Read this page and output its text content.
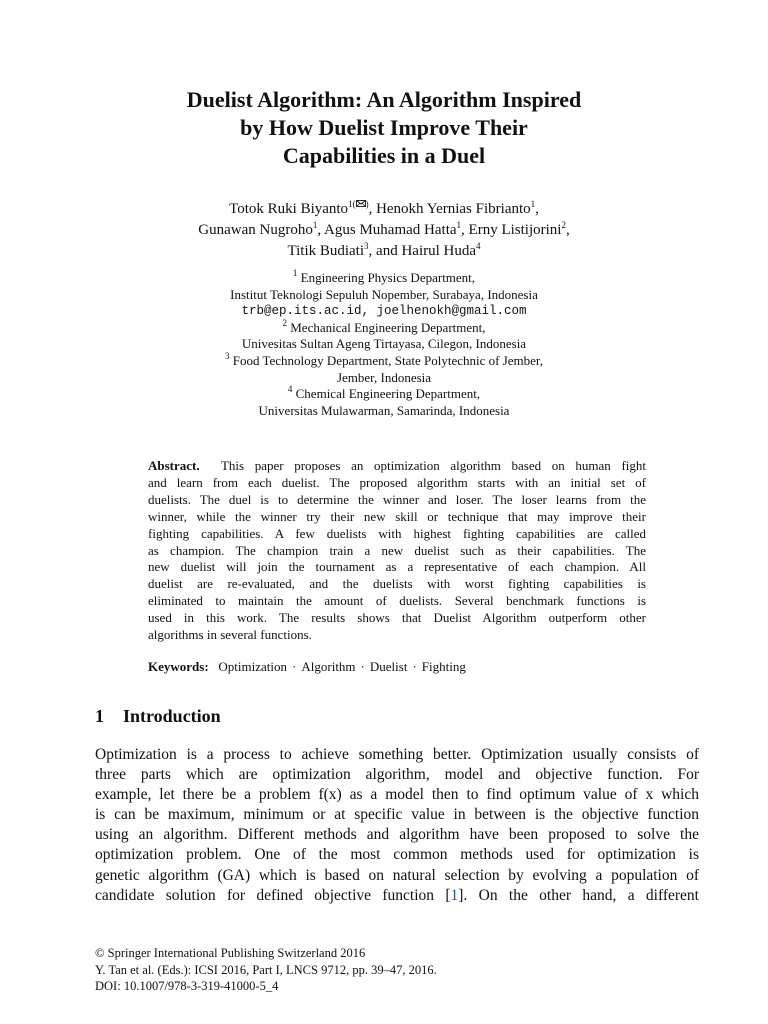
Duelist Algorithm: An Algorithm Inspired
by How Duelist Improve Their
Capabilities in a Duel
Totok Ruki Biyanto$^{1( )}$, Henokh Yernias Fibrianto$^1$,
Gunawan Nugroho$^1$, Agus Muhamad Hatta$^1$, Erny Listijorini$^2$,
Titik Budiati$^3$, and Hairul Huda$^4$
$^1$ Engineering Physics Department,
Institut Teknologi Sepuluh Nopember, Surabaya, Indonesia
trb@ep.its.ac.id, joelhenokh@gmail.com
$^2$ Mechanical Engineering Department,
Univesitas Sultan Ageng Tirtayasa, Cilegon, Indonesia
$^3$ Food Technology Department, State Polytechnic of Jember,
Jember, Indonesia
$^4$ Chemical Engineering Department,
Universitas Mulawarman, Samarinda, Indonesia
Abstract. This paper proposes an optimization algorithm based on human fight
and learn from each duelist. The proposed algorithm starts with an initial set of
duelists. The duel is to determine the winner and loser. The loser learns from the
winner, while the winner try their new skill or technique that may improve their
fighting capabilities. A few duelists with highest fighting capabilities are called
as champion. The champion train a new duelist such as their capabilities. The
new duelist will join the tournament as a representative of each champion. All
duelist are re-evaluated, and the duelists with worst fighting capabilities is
eliminated to maintain the amount of duelists. Several benchmark functions is
used in this work. The results shows that Duelist Algorithm outperform other
algorithms in several functions.
Keywords: Optimization · Algorithm · Duelist · Fighting
1 Introduction
Optimization is a process to achieve something better. Optimization usually consists of
three parts which are optimization algorithm, model and objective function. For
example, let there be a problem f(x) as a model then to find optimum value of x which
is can be maximum, minimum or at specific value in between is the objective function
using an algorithm. Different methods and algorithm have been proposed to solve the
optimization problem. One of the most common methods used for optimization is
genetic algorithm (GA) which is based on natural selection by evolving a population of
candidate solution for defined objective function [1]. On the other hand, a different
© Springer International Publishing Switzerland 2016
Y. Tan et al. (Eds.): ICSI 2016, Part I, LNCS 9712, pp. 39–47, 2016.
DOI: 10.1007/978-3-319-41000-5_4
